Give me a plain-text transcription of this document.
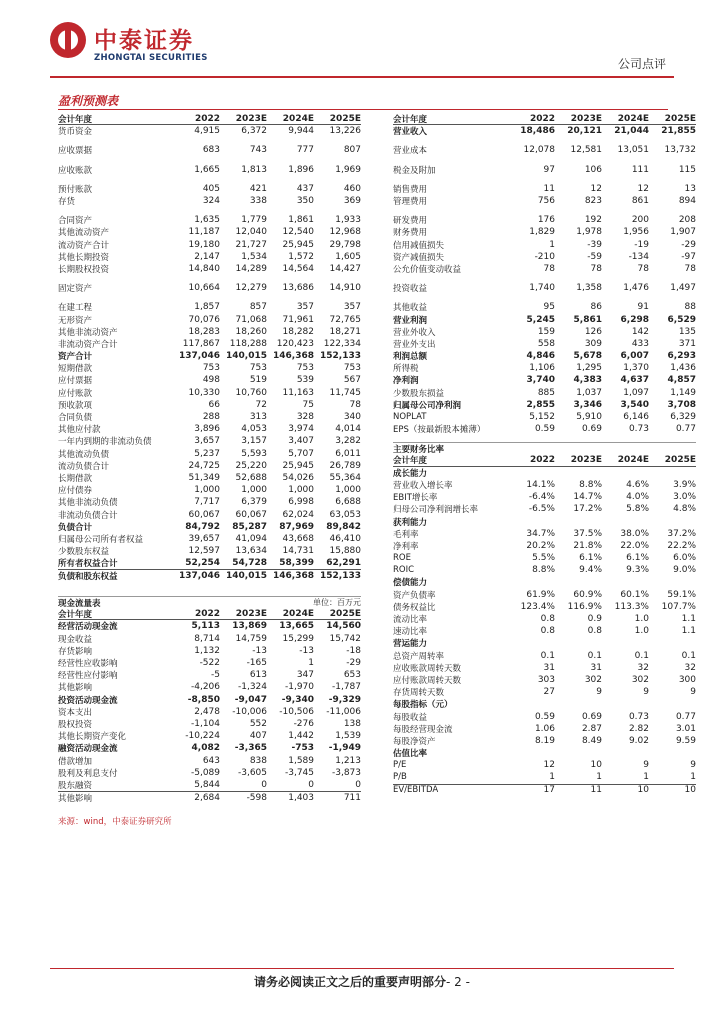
中泰证券
ZHONGTAI SECURITIES	公司点评
盈利预测表
会计年度	2022	2023E	2024E	2025E
货币资金	4,915	6,372	9,944	13,226
应收票据	683	743	777	807
应收账款	1,665	1,813	1,896	1,969
预付账款	405	421	437	460
存货	324	338	350	369
合同资产	1,635	1,779	1,861	1,933
其他流动资产	11,187	12,040	12,540	12,968
流动资产合计	19,180	21,727	25,945	29,798
其他长期投资	2,147	1,534	1,572	1,605
长期股权投资	14,840	14,289	14,564	14,427
固定资产	10,664	12,279	13,686	14,910
在建工程	1,857	857	357	357
无形资产	70,076	71,068	71,961	72,765
其他非流动资产	18,283	18,260	18,282	18,271
非流动资产合计	117,867	118,288	120,423	122,334
资产合计	137,046 140,015 146,368 152,133
短期借款	753	753	753	753
应付票据	498	519	539	567
应付账款	10,330	10,760	11,163	11,745
预收款项	66	72	75	78
合同负债	288	313	328	340
其他应付款	3,896	4,053	3,974	4,014
一年内到期的非流动负债	3,657	3,157	3,407	3,282
其他流动负债	5,237	5,593	5,707	6,011
流动负债合计	24,725	25,220	25,945	26,789
长期借款	51,349	52,688	54,026	55,364
应付债券	1,000	1,000	1,000	1,000
其他非流动负债	7,717	6,379	6,998	6,688
非流动负债合计	60,067	60,067	62,024	63,053
负债合计	84,792	85,287	87,969	89,842
归属母公司所有者权益	39,657	41,094	43,668	46,410
少数股东权益	12,597	13,634	14,731	15,880
所有者权益合计	52,254	54,728	58,399	62,291
负债和股东权益	137,046 140,015 146,368 152,133
会计年度	2022	2023E	2024E	2025E
营业收入	18,486	20,121	21,044	21,855
营业成本	12,078	12,581	13,051	13,732
税金及附加	97	106	111	115
销售费用	11	12	12	13
管理费用	756	823	861	894
研发费用	176	192	200	208
财务费用	1,829	1,978	1,956	1,907
信用减值损失	1	-39	-19	-29
资产减值损失	-210	-59	-134	-97
公允价值变动收益	78	78	78	78
投资收益	1,740	1,358	1,476	1,497
其他收益	95	86	91	88
营业利润	5,245	5,861	6,298	6,529
营业外收入	159	126	142	135
营业外支出	558	309	433	371
利润总额	4,846	5,678	6,007	6,293
所得税	1,106	1,295	1,370	1,436
净利润	3,740	4,383	4,637	4,857
少数股东损益	885	1,037	1,097	1,149
归属母公司净利润	2,855	3,346	3,540	3,708
NOPLAT	5,152	5,910	6,146	6,329
EPS（按最新股本摊薄）	0.59	0.69	0.73	0.77
主要财务比率
会计年度	2022	2023E	2024E	2025E
成长能力
营业收入增长率	14.1%	8.8%	4.6%	3.9%
EBIT增长率	-6.4%	14.7%	4.0%	3.0%
归母公司净利润增长率	-6.5%	17.2%	5.8%	4.8%
获利能力
毛利率	34.7%	37.5%	38.0%	37.2%
净利率	20.2%	21.8%	22.0%	22.2%
ROE	5.5%	6.1%	6.1%	6.0%
ROIC	8.8%	9.4%	9.3%	9.0%
偿债能力
资产负债率	61.9%	60.9%	60.1%	59.1%
债务权益比	123.4%	116.9%	113.3%	107.7%
流动比率	0.8	0.9	1.0	1.1
速动比率	0.8	0.8	1.0	1.1
营运能力
总资产周转率	0.1	0.1	0.1	0.1
应收账款周转天数	31	31	32	32
应付账款周转天数	303	302	302	300
存货周转天数	27	9	9	9
每股指标（元）
每股收益	0.59	0.69	0.73	0.77
每股经营现金流	1.06	2.87	2.82	3.01
每股净资产	8.19	8.49	9.02	9.59
估值比率
P/E	12	10	9	9
P/B	1	1	1	1
EV/EBITDA	17	11	10	10
现金流量表	单位：百万元
会计年度	2022	2023E	2024E	2025E
经营活动现金流	5,113	13,869	13,665	14,560
现金收益	8,714	14,759	15,299	15,742
存货影响	1,132	-13	-13	-18
经营性应收影响	-522	-165	1	-29
经营性应付影响	-5	613	347	653
其他影响	-4,206	-1,324	-1,970	-1,787
投资活动现金流	-8,850	-9,047	-9,340	-9,329
资本支出	2,478	-10,006	-10,506	-11,006
股权投资	-1,104	552	-276	138
其他长期资产变化	-10,224	407	1,442	1,539
融资活动现金流	4,082	-3,365	-753	-1,949
借款增加	643	838	1,589	1,213
股利及利息支付	-5,089	-3,605	-3,745	-3,873
股东融资	5,844	0	0	0
其他影响	2,684	-598	1,403	711
来源：wind，中泰证券研究所
请务必阅读正文之后的重要声明部分- 2 -
